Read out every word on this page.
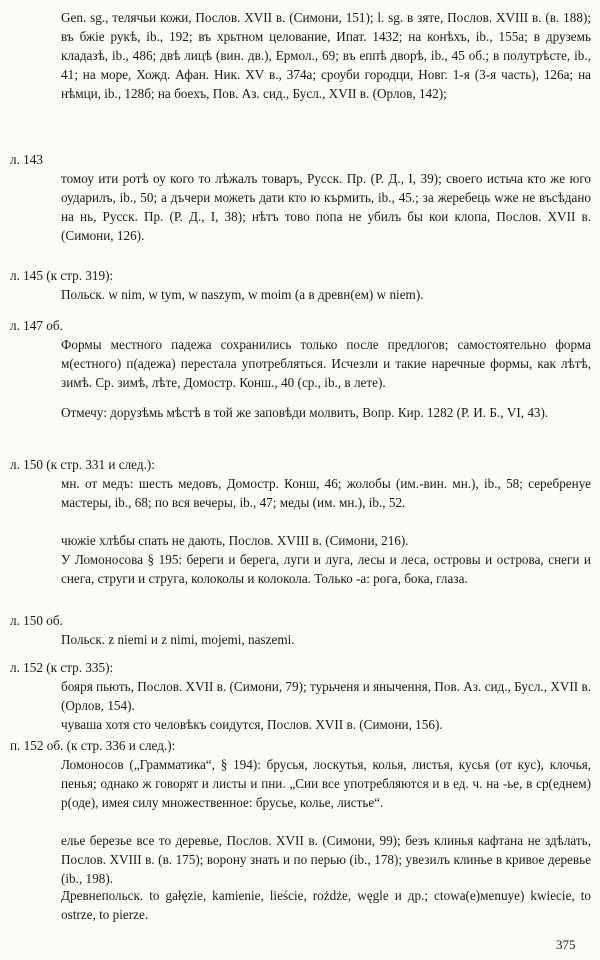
Gen. sg., телячьи кожи, Послов. XVII в. (Симони, 151); l. sg. в зяте, Послов. XVIII в. (в. 188); въ бжіе рукѣ, ib., 192; въ хрьтном целование, Ипат. 1432; на конѣхъ, ib., 155а; в друземь кладазѣ, ib., 486; двѣ лицѣ (вин. дв.), Ермол., 69; въ еппѣ дворѣ, ib., 45 об.; в полутрѣсте, ib., 41; на море, Хожд. Афан. Ник. XV в., 374а; сроуби городци, Новг. 1-я (3-я часть), 126а; на нѣмци, ib., 128б; на боехъ, Пов. Аз. сид., Бусл., XVII в. (Орлов, 142);

л. 143

томоу ити ротѣ оу кого то лѣжалъ товаръ, Русск. Пр. (Р. Д., I, 39); своего истьча кто же юго оударилъ, ib., 50; а дъчери можеть дати кто ю кърмить, ib., 45.; за жеребець wже не въсѣдано на нь, Русск. Пр. (Р. Д., I, 38); нѣтъ тово попа не убилъ бы кои клопа, Послов. XVII в. (Симони, 126).

л. 145 (к стр. 319):

Польск. w nim, w tym, w naszym, w moim (а в древн(ем) w niem).

л. 147 об.

Формы местного падежа сохранились только после предлогов; самостоятельно форма м(естного) п(адежа) перестала употребляться. Исчезли и такие наречные формы, как лѣтѣ, зимѣ. Ср. зимѣ, лѣте, Домостр. Конш., 40 (ср., ib., в лете).

Отмечу: дорузѣмь мѣстѣ в той же заповѣди молвить, Вопр. Кир. 1282 (Р. И. Б., VI, 43).

л. 150 (к стр. 331 и след.):

мн. от медъ: шесть медовъ, Домостр. Конш, 46; жолобы (им.-вин. мн.), ib., 58; серебренуе мастеры, ib., 68; по вся вечеры, ib., 47; меды (им. мн.), ib., 52.

чюжіе хлѣбы спать не дають, Послов. XVIII в. (Симони, 216).

У Ломоносова § 195: береги и берега, луги и луга, лесы и леса, островы и острова, снеги и снега, струги и струга, колоколы и колокола. Только -а: рога, бока, глаза.

л. 150 об.

Польск. z niemi и z nimi, mojemi, naszemi.

л. 152 (к стр. 335):

бояря пьють, Послов. XVII в. (Симони, 79); турьченя и янычення, Пов. Аз. сид., Бусл., XVII в. (Орлов, 154).

чуваша хотя сто человѣкъ соидутся, Послов. XVII в. (Симони, 156).

п. 152 об. (к стр. 336 и след.):

Ломоносов („Грамматика“, § 194): брусья, лоскутья, колья, листья, кусья (от кус), клочья, пенья; однако ж говорят и листы и пни. „Сии все употребляются и в ед. ч. на -ье, в ср(еднем) р(оде), имея силу множественное: брусье, колье, листье“.

елье березье все то деревье, Послов. XVII в. (Симони, 99); безъ клинья кафтана не здѣлать, Послов. XVIII в. (в. 175); ворону знать и по перью (ib., 178); увезилъ клинье в кривое деревье (ib., 198).

Древнепольск. to gałęzie, kamienie, lieście, rożdże, węgle и др.; сtowa(е)меnuye) kwiecie, to ostrze, to pierze.

375
